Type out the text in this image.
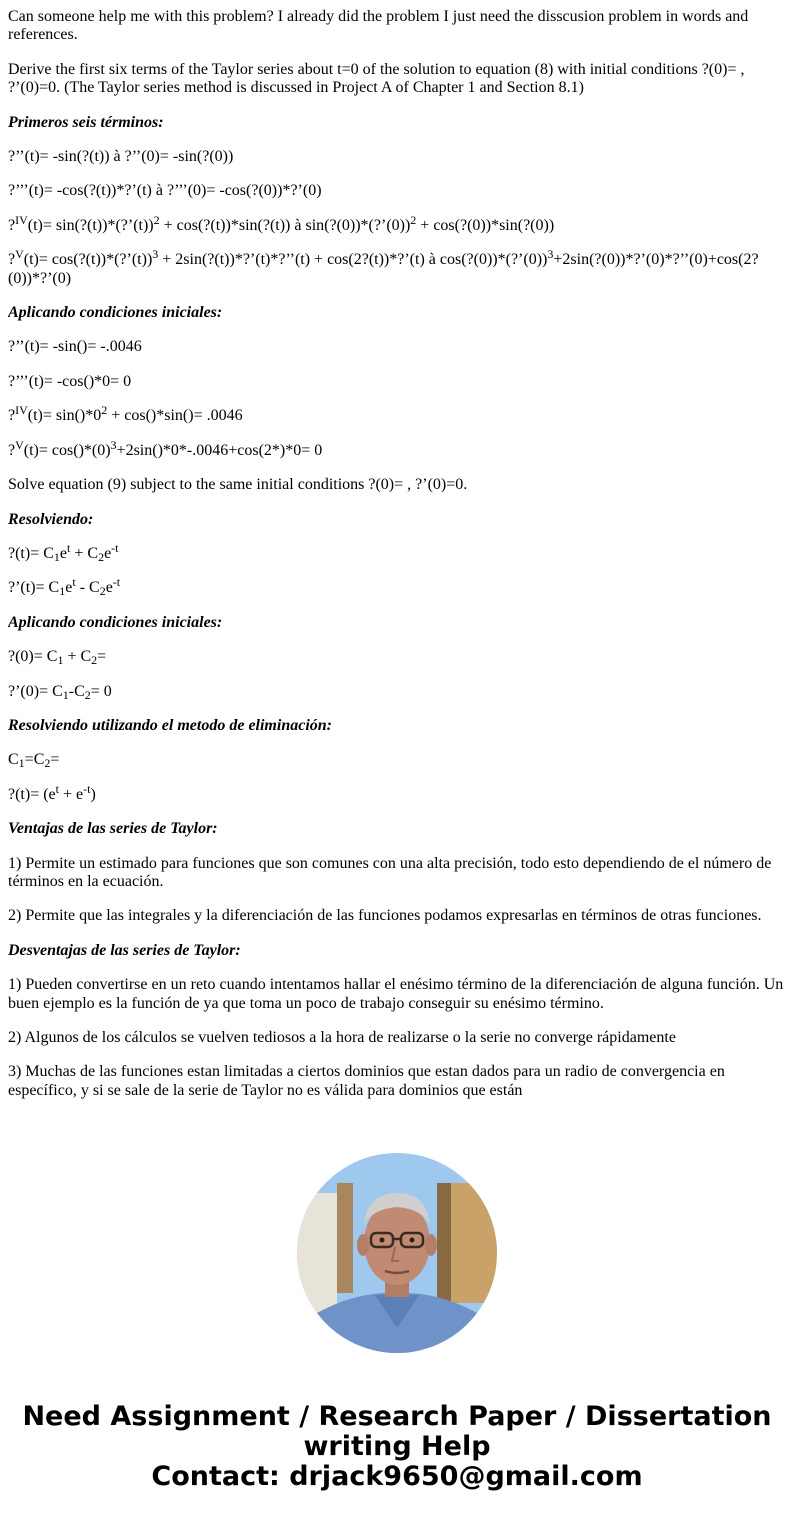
Can someone help me with this problem? I already did the problem I just need the disscusion problem in words and references.

Derive the first six terms of the Taylor series about t=0 of the solution to equation (8) with initial conditions ?(0)= , ?’(0)=0. (The Taylor series method is discussed in Project A of Chapter 1 and Section 8.1)

Primeros seis términos:

?’’(t)= -sin(?(t)) à ?’’(0)= -sin(?(0))

?’’’(t)= -cos(?(t))*?’(t) à ?’’’(0)= -cos(?(0))*?’(0)

?$^{IV}$(t)= sin(?(t))*(?’(t))$^2$ + cos(?(t))*sin(?(t)) à sin(?(0))*(?’(0))$^2$ + cos(?(0))*sin(?(0))

?$^V$(t)= cos(?(t))*(?’(t))$^3$ + 2sin(?(t))*?’(t)*?’’(t) + cos(2?(t))*?’(t) à cos(?(0))*(?’(0))$^3$+2sin(?(0))*?’(0)*?’’(0)+cos(2?(0))*?’(0)

Aplicando condiciones iniciales:

?’’(t)= -sin()= -.0046

?’’’(t)= -cos()*0= 0

?$^{IV}$(t)= $\sin()*0^2 + \cos()*\sin()= .0046$

?$^V$(t)= $\cos()*(0)^3+2\sin()*0*-.0046+\cos(2*)*0= 0$

Solve equation (9) subject to the same initial conditions ?(0)= , ?’(0)=0.

Resolviendo:

?(t)= $C_1e^t + C_2e^{-t}$

?’(t)= $C_1e^t - C_2e^{-t}$

Aplicando condiciones iniciales:

?(0)= $C_1 + C_2=$

?’(0)= $C_1-C_2= 0$

Resolviendo utilizando el metodo de eliminación:

$C_1=C_2=$

?(t)= $(e^t + e^{-t})$

Ventajas de las series de Taylor:

1) Permite un estimado para funciones que son comunes con una alta precisión, todo esto dependiendo de el número de términos en la ecuación.

2) Permite que las integrales y la diferenciación de las funciones podamos expresarlas en términos de otras funciones.

Desventajas de las series de Taylor:

1) Pueden convertirse en un reto cuando intentamos hallar el enésimo término de la diferenciación de alguna función. Un buen ejemplo es la función de ya que toma un poco de trabajo conseguir su enésimo término.

2) Algunos de los cálculos se vuelven tediosos a la hora de realizarse o la serie no converge rápidamente

3) Muchas de las funciones estan limitadas a ciertos dominios que estan dados para un radio de convergencia en específico, y si se sale de la serie de Taylor no es válida para dominios que están

Need Assignment / Research Paper / Dissertation
writing Help
Contact: drjack9650@gmail.com
